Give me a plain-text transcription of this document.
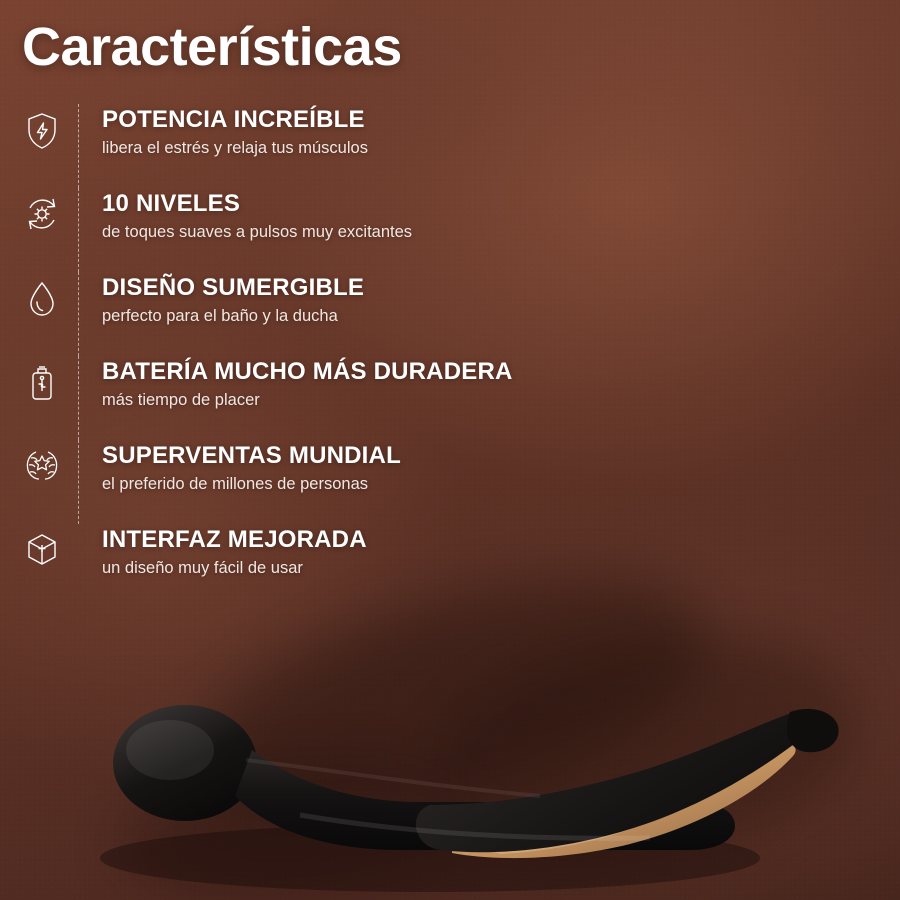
Características
POTENCIA INCREÍBLE
libera el estrés y relaja tus músculos
10 NIVELES
de toques suaves a pulsos muy excitantes
DISEÑO SUMERGIBLE
perfecto para el baño y la ducha
BATERÍA MUCHO MÁS DURADERA
más tiempo de placer
SUPERVENTAS MUNDIAL
el preferido de millones de personas
INTERFAZ MEJORADA
un diseño muy fácil de usar
